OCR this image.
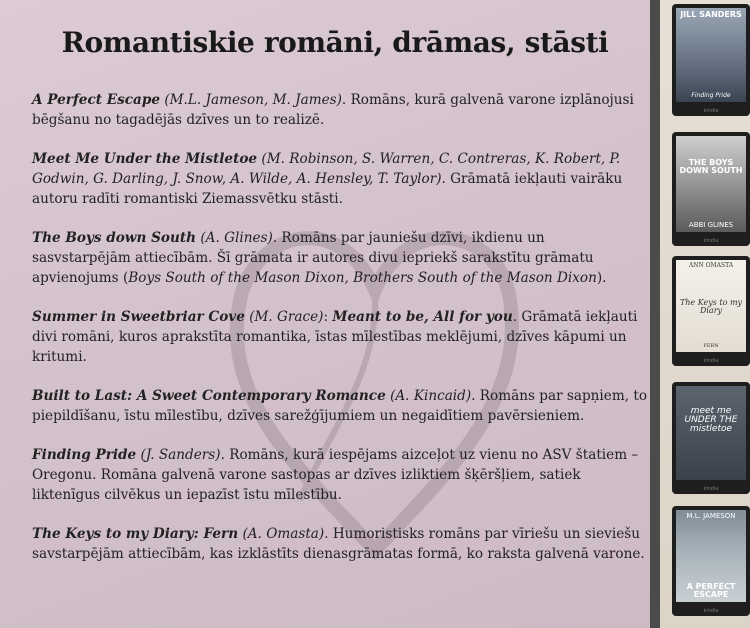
Romantiskie romāni, drāmas, stāsti

A Perfect Escape (M.L. Jameson, M. James). Romāns, kurā galvenā varone izplānojusi bēgšanu no tagadējās dzīves un to realizē.

Meet Me Under the Mistletoe (M. Robinson, S. Warren, C. Contreras, K. Robert, P. Godwin, G. Darling, J. Snow, A. Wilde, A. Hensley, T. Taylor). Grāmatā iekļauti vairāku autoru radīti romantiski Ziemassvētku stāsti.

The Boys down South (A. Glines). Romāns par jauniešu dzīvi, ikdienu un sasvstarpējām attiecībām. Šī grāmata ir autores divu iepriekš sarakstītu grāmatu apvienojums (Boys South of the Mason Dixon, Brothers South of the Mason Dixon).

Summer in Sweetbriar Cove (M. Grace): Meant to be, All for you. Grāmatā iekļauti divi romāni, kuros aprakstīta romantika, īstas mīlestības meklējumi, dzīves kāpumi un kritumi.

Built to Last: A Sweet Contemporary Romance (A. Kincaid). Romāns par sapņiem, to piepildīšanu, īstu mīlestību, dzīves sarežģījumiem un negaidītiem pavērsieniem.

Finding Pride (J. Sanders). Romāns, kurā iespējams aizceļot uz vienu no ASV štatiem – Oregonu. Romāna galvenā varone sastopas ar dzīves izliktiem šķēršļiem, satiek liktenīgus cilvēkus un iepazīst īstu mīlestību.

The Keys to my Diary: Fern (A. Omasta). Humoristisks romāns par vīriešu un sieviešu savstarpējām attiecībām, kas izklāstīts dienasgrāmatas formā, ko raksta galvenā varone.

JILL SANDERS
Finding Pride
kindle
THE BOYS DOWN SOUTH
ABBI GLINES
kindle
ANN OMASTA
The Keys to my Diary
FERN
kindle
meet me UNDER THE mistletoe
kindle
M.L. JAMESON
A PERFECT ESCAPE
kindle
